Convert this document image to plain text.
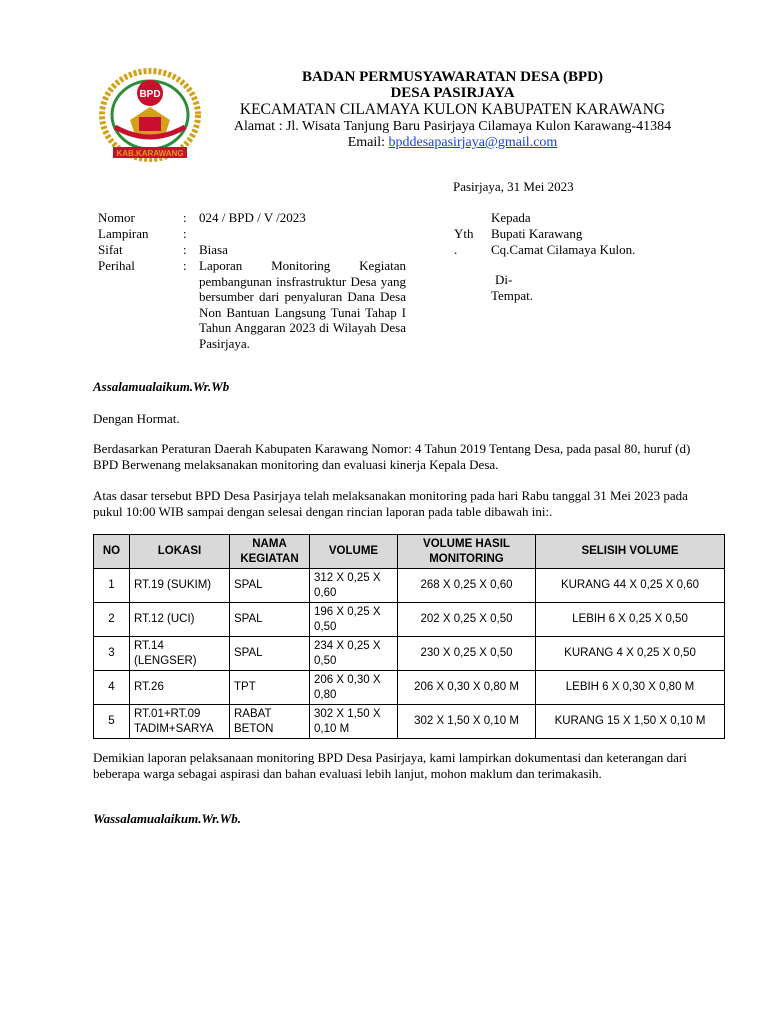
BPD
KAB.KARAWANG
BADAN PERMUSYAWARATAN DESA (BPD)
DESA PASIRJAYA
KECAMATAN CILAMAYA KULON KABUPATEN KARAWANG
Alamat : Jl. Wisata Tanjung Baru Pasirjaya Cilamaya Kulon Karawang-41384
Email: bpddesapasirjaya@gmail.com
Pasirjaya, 31 Mei 2023
Nomor	: 024 / BPD / V /2023
Lampiran	:
Sifat	: Biasa
Perihal	: Laporan Monitoring Kegiatan pembangunan insfrastruktur Desa yang bersumber dari penyaluran Dana Desa Non Bantuan Langsung Tunai Tahap I Tahun Anggaran 2023 di Wilayah Desa Pasirjaya.
Kepada
Yth Bupati Karawang
.	Cq.Camat Cilamaya Kulon.
Di-
Tempat.
Assalamualaikum.Wr.Wb
Dengan Hormat.
Berdasarkan Peraturan Daerah Kabupaten Karawang Nomor: 4 Tahun 2019 Tentang Desa, pada pasal 80, huruf (d) BPD Berwenang melaksanakan monitoring dan evaluasi kinerja Kepala Desa.
Atas dasar tersebut BPD Desa Pasirjaya telah melaksanakan monitoring pada hari Rabu tanggal 31 Mei 2023 pada pukul 10:00 WIB sampai dengan selesai dengan rincian laporan pada table dibawah ini:.
NO	LOKASI	NAMA KEGIATAN	VOLUME	VOLUME HASIL MONITORING	SELISIH VOLUME
1	RT.19 (SUKIM)	SPAL	312 X 0,25 X 0,60	268 X 0,25 X 0,60	KURANG 44 X 0,25 X 0,60
2	RT.12 (UCI)	SPAL	196 X 0,25 X 0,50	202 X 0,25 X 0,50	LEBIH 6 X 0,25 X 0,50
3	RT.14 (LENGSER)	SPAL	234 X 0,25 X 0,50	230 X 0,25 X 0,50	KURANG 4 X 0,25 X 0,50
4	RT.26	TPT	206 X 0,30 X 0,80	206 X 0,30 X 0,80 M	LEBIH 6 X 0,30 X 0,80 M
5	RT.01+RT.09 TADIM+SARYA	RABAT BETON	302 X 1,50 X 0,10 M	302 X 1,50 X 0,10 M	KURANG 15 X 1,50 X 0,10 M
Demikian laporan pelaksanaan monitoring BPD Desa Pasirjaya, kami lampirkan dokumentasi dan keterangan dari beberapa warga sebagai aspirasi dan bahan evaluasi lebih lanjut, mohon maklum dan terimakasih.
Wassalamualaikum.Wr.Wb.
